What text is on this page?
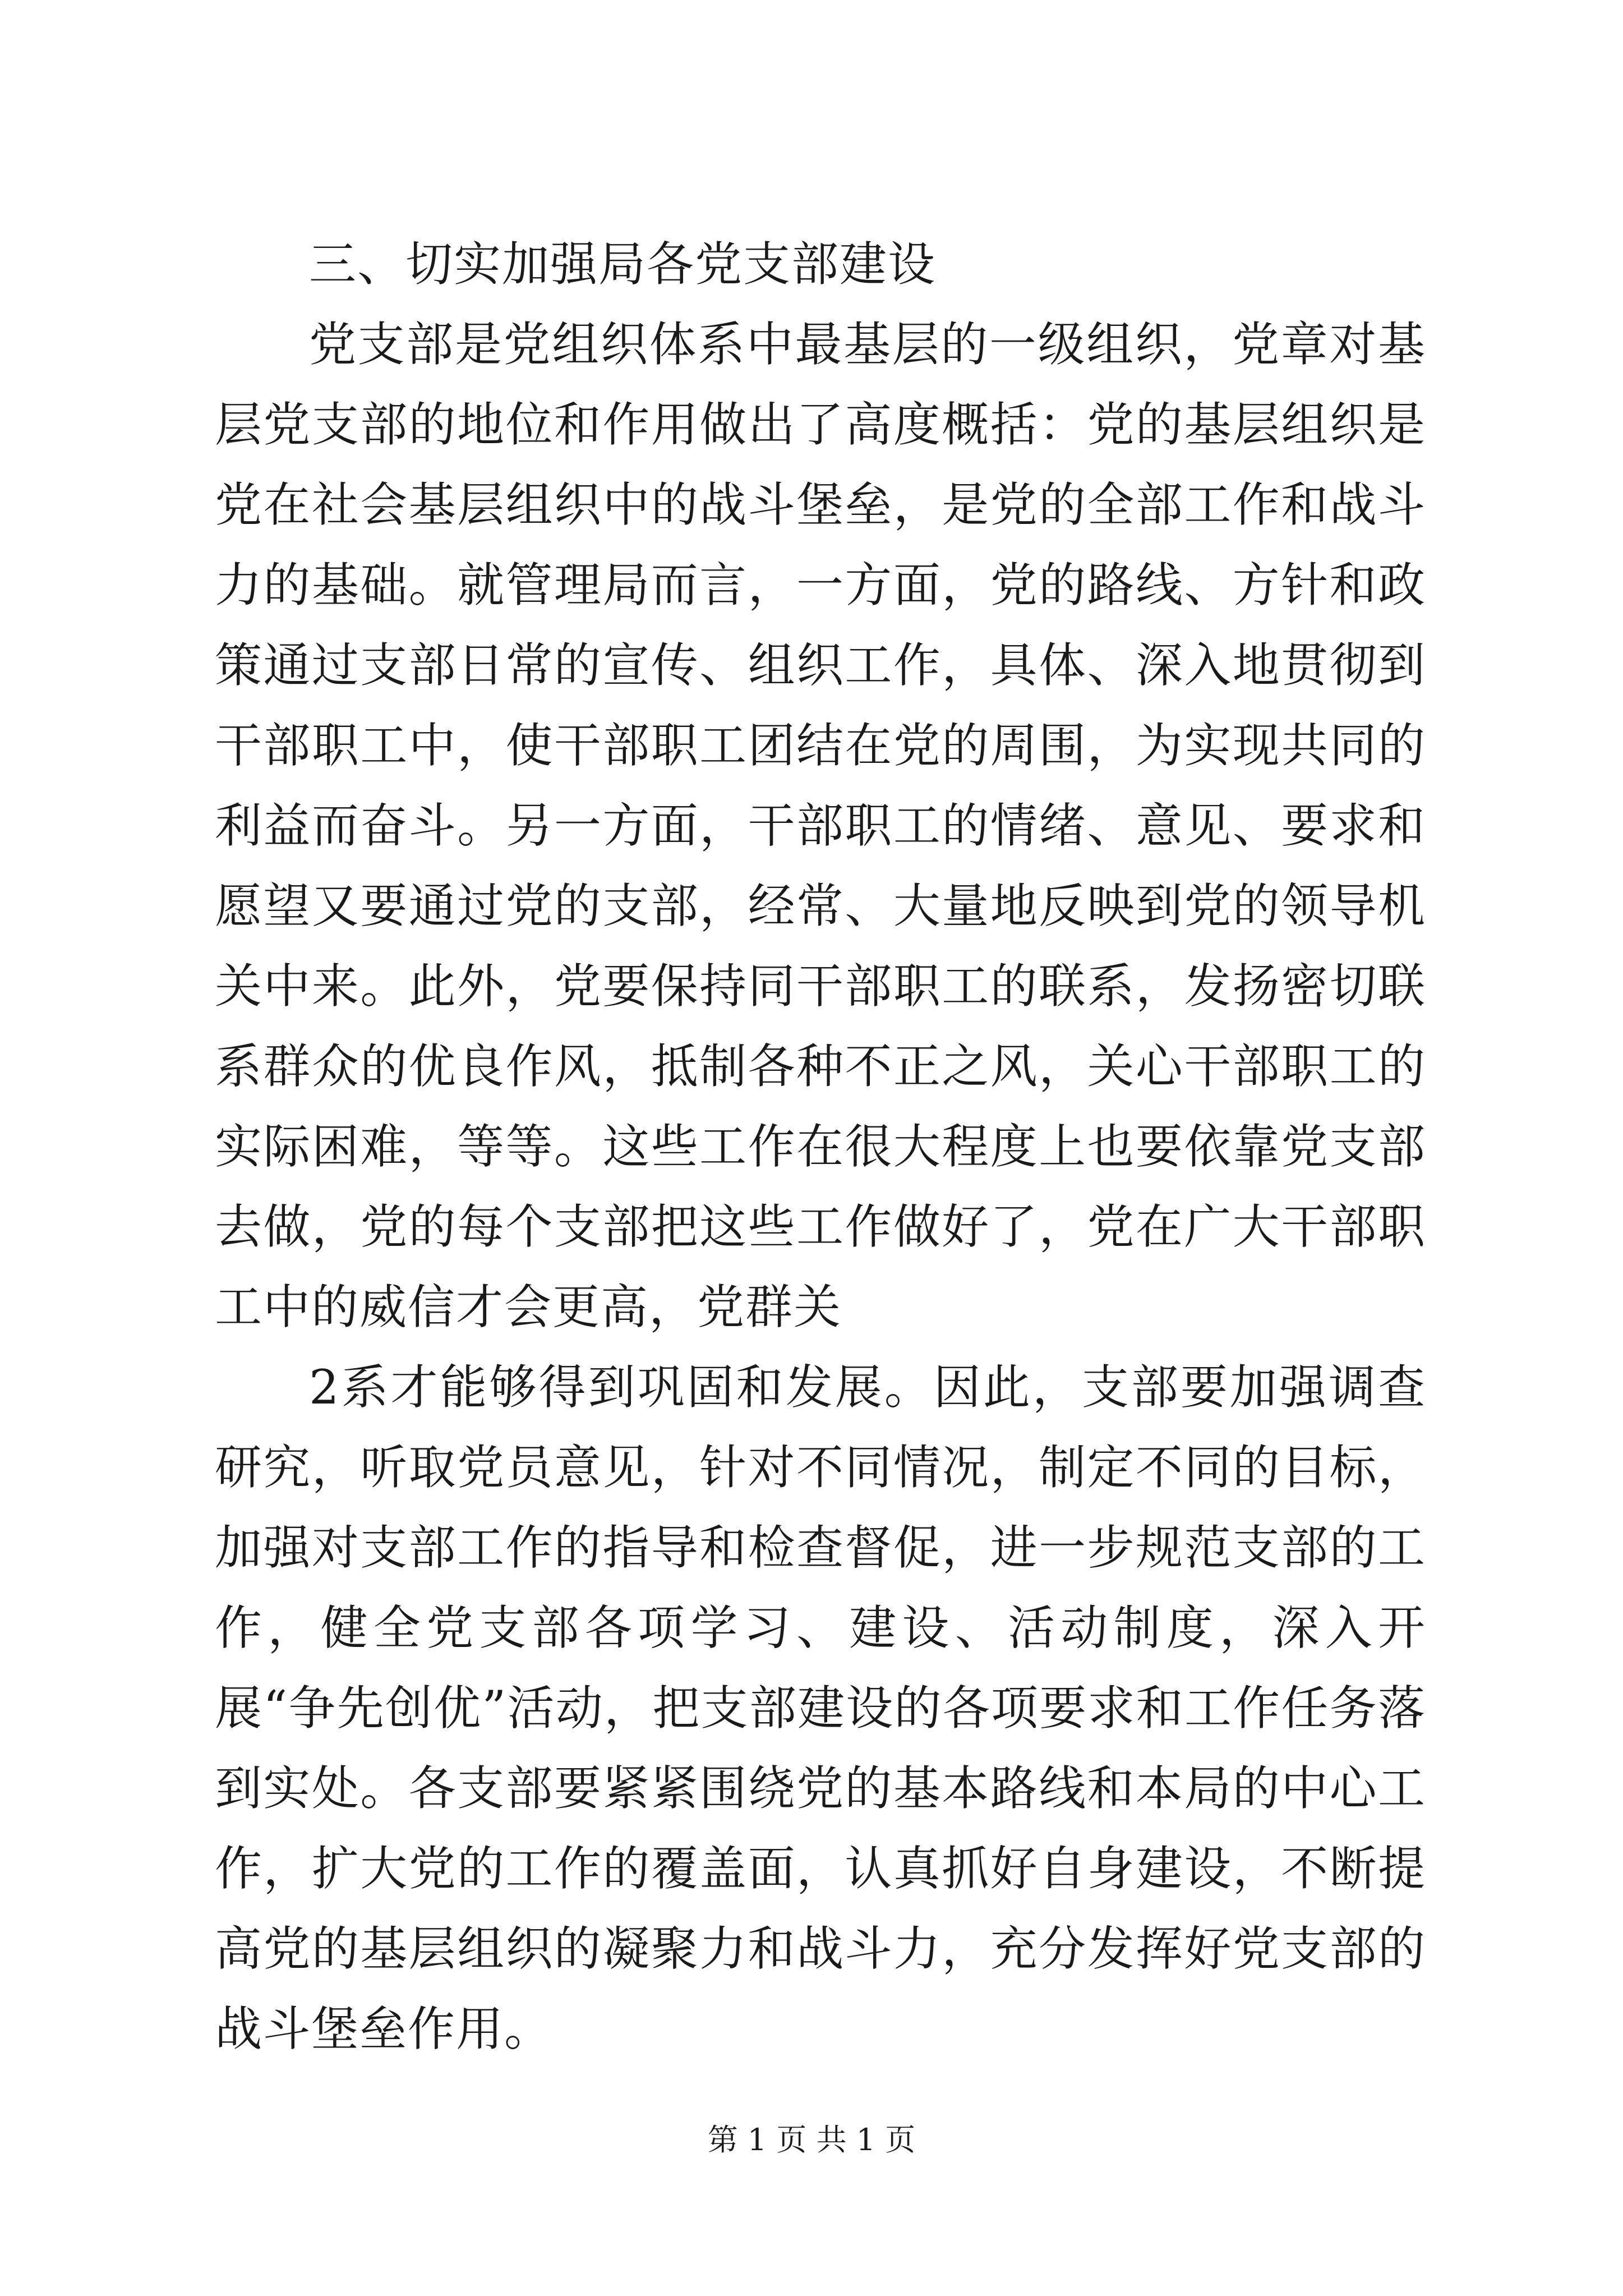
三、切实加强局各党支部建设

党支部是党组织体系中最基层的一级组织，党章对基层党支部的地位和作用做出了高度概括：党的基层组织是党在社会基层组织中的战斗堡垒，是党的全部工作和战斗力的基础。就管理局而言，一方面，党的路线、方针和政策通过支部日常的宣传、组织工作，具体、深入地贯彻到干部职工中，使干部职工团结在党的周围，为实现共同的利益而奋斗。另一方面，干部职工的情绪、意见、要求和愿望又要通过党的支部，经常、大量地反映到党的领导机关中来。此外，党要保持同干部职工的联系，发扬密切联系群众的优良作风，抵制各种不正之风，关心干部职工的实际困难，等等。这些工作在很大程度上也要依靠党支部去做，党的每个支部把这些工作做好了，党在广大干部职工中的威信才会更高，党群关

2系才能够得到巩固和发展。因此，支部要加强调查研究，听取党员意见，针对不同情况，制定不同的目标，加强对支部工作的指导和检查督促，进一步规范支部的工作，健全党支部各项学习、建设、活动制度，深入开展“争先创优”活动，把支部建设的各项要求和工作任务落到实处。各支部要紧紧围绕党的基本路线和本局的中心工作，扩大党的工作的覆盖面，认真抓好自身建设，不断提高党的基层组织的凝聚力和战斗力，充分发挥好党支部的战斗堡垒作用。

第 1 页 共 1 页
